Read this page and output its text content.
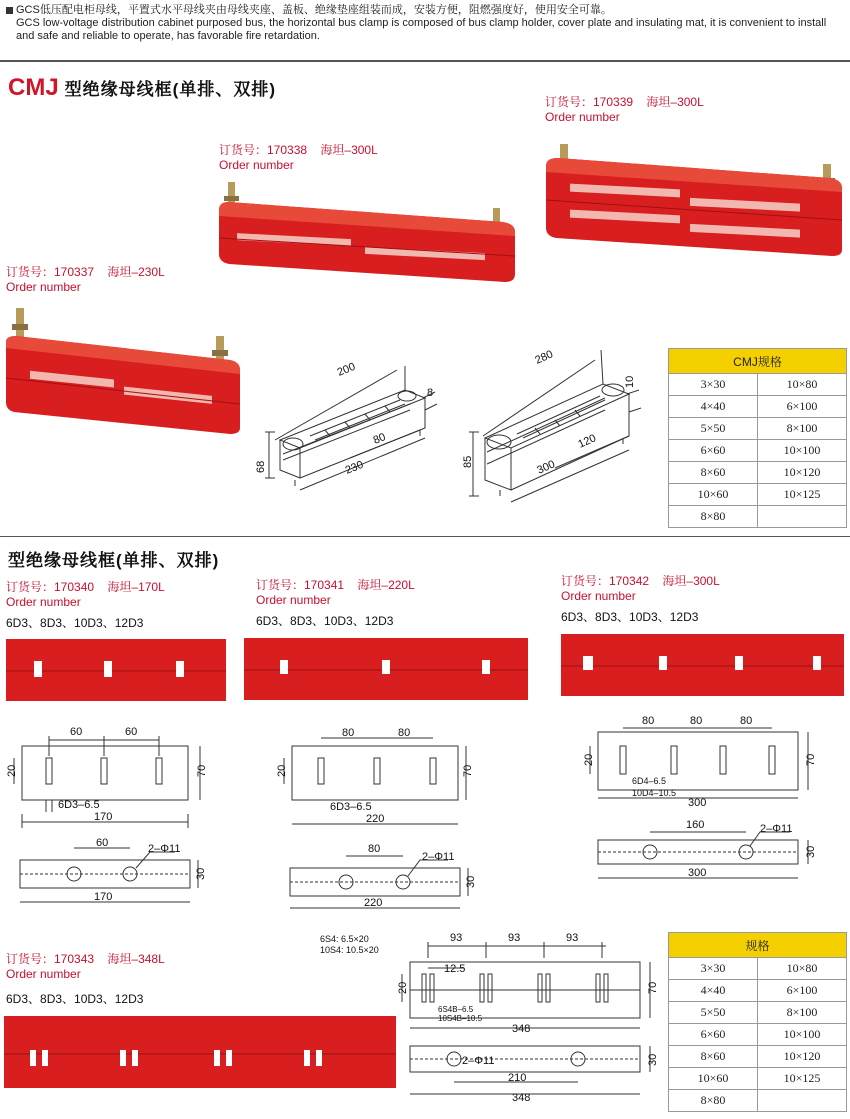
GCS低压配电柜母线，平置式水平母线夹由母线夹座、盖板、绝缘垫座组装而成，安装方便，阻燃强度好，使用安全可靠。
GCS low-voltage distribution cabinet purposed bus, the horizontal bus clamp is composed of bus clamp holder, cover plate and insulating mat, it is convenient to install and safe and reliable to operate, has favorable fire retardation.
CMJ 型绝缘母线框(单排、双排)
订货号：170339 海坦–300L
Order number
订货号：170338 海坦–300L
Order number
订货号：170337 海坦–230L
Order number
200
8
80
230
68
280
10
120
300
85
CMJ规格	
3×30	10×80
4×40	6×100
5×50	8×100
6×60	10×100
8×60	10×120
10×60	10×125
8×80	
型绝缘母线框(单排、双排)
订货号：170340 海坦–170L
Order number
6D3、8D3、10D3、12D3
订货号：170341 海坦–220L
Order number
6D3、8D3、10D3、12D3
订货号：170342 海坦–300L
Order number
6D3、8D3、10D3、12D3
订货号：170343 海坦–348L
Order number
6D3、8D3、10D3、12D3
60	60
20	70
6D3–6.5
170
60	2–Φ11
30
170
80	80
20	70
6D3–6.5
220
80
2–Φ11
30
220
80	80	80
20	70
6D4–6.5
10D4–10.5
300
160	2–Φ11
30
300
6S4: 6.5×20
10S4: 10.5×20
93	93	93
12.5
20	70
6S4B–6.5
10S4B–10.5
348
2–Φ11	30
210
348
规格	
3×30	10×80
4×40	6×100
5×50	8×100
6×60	10×100
8×60	10×120
10×60	10×125
8×80	
